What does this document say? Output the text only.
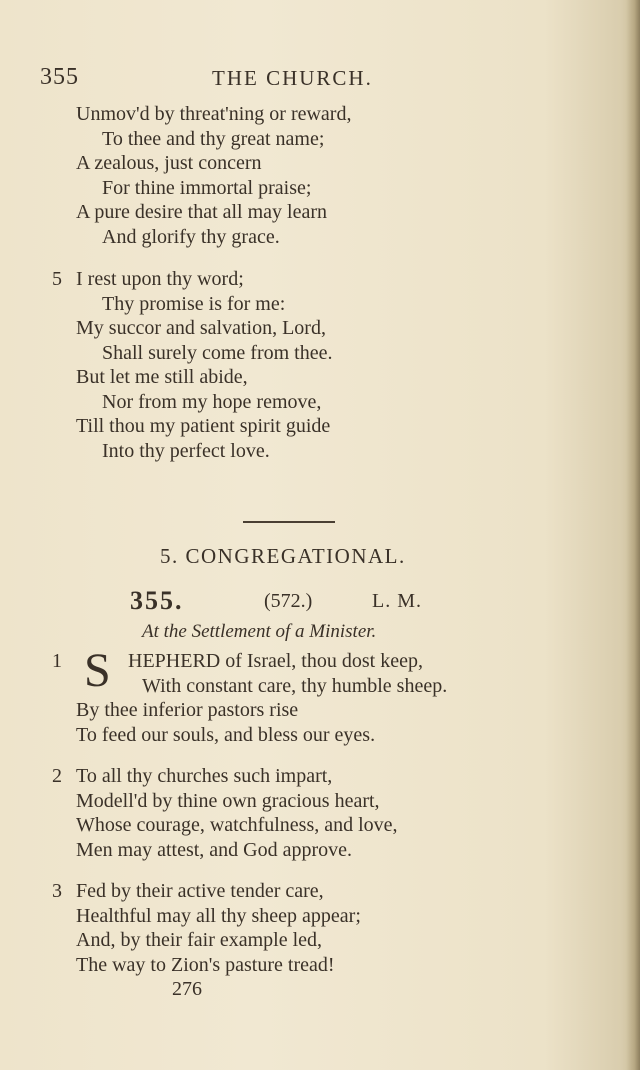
355	THE CHURCH.
Unmov'd by threat'ning or reward,
To thee and thy great name;
A zealous, just concern
For thine immortal praise;
A pure desire that all may learn
And glorify thy grace.
5 I rest upon thy word;
Thy promise is for me:
My succor and salvation, Lord,
Shall surely come from thee.
But let me still abide,
Nor from my hope remove,
Till thou my patient spirit guide
Into thy perfect love.
5. CONGREGATIONAL.
355.	(572.)	L. M.
At the Settlement of a Minister.
1 S HEPHERD of Israel, thou dost keep,
With constant care, thy humble sheep.
By thee inferior pastors rise
To feed our souls, and bless our eyes.
2 To all thy churches such impart,
Modell'd by thine own gracious heart,
Whose courage, watchfulness, and love,
Men may attest, and God approve.
3 Fed by their active tender care,
Healthful may all thy sheep appear;
And, by their fair example led,
The way to Zion's pasture tread!
276
